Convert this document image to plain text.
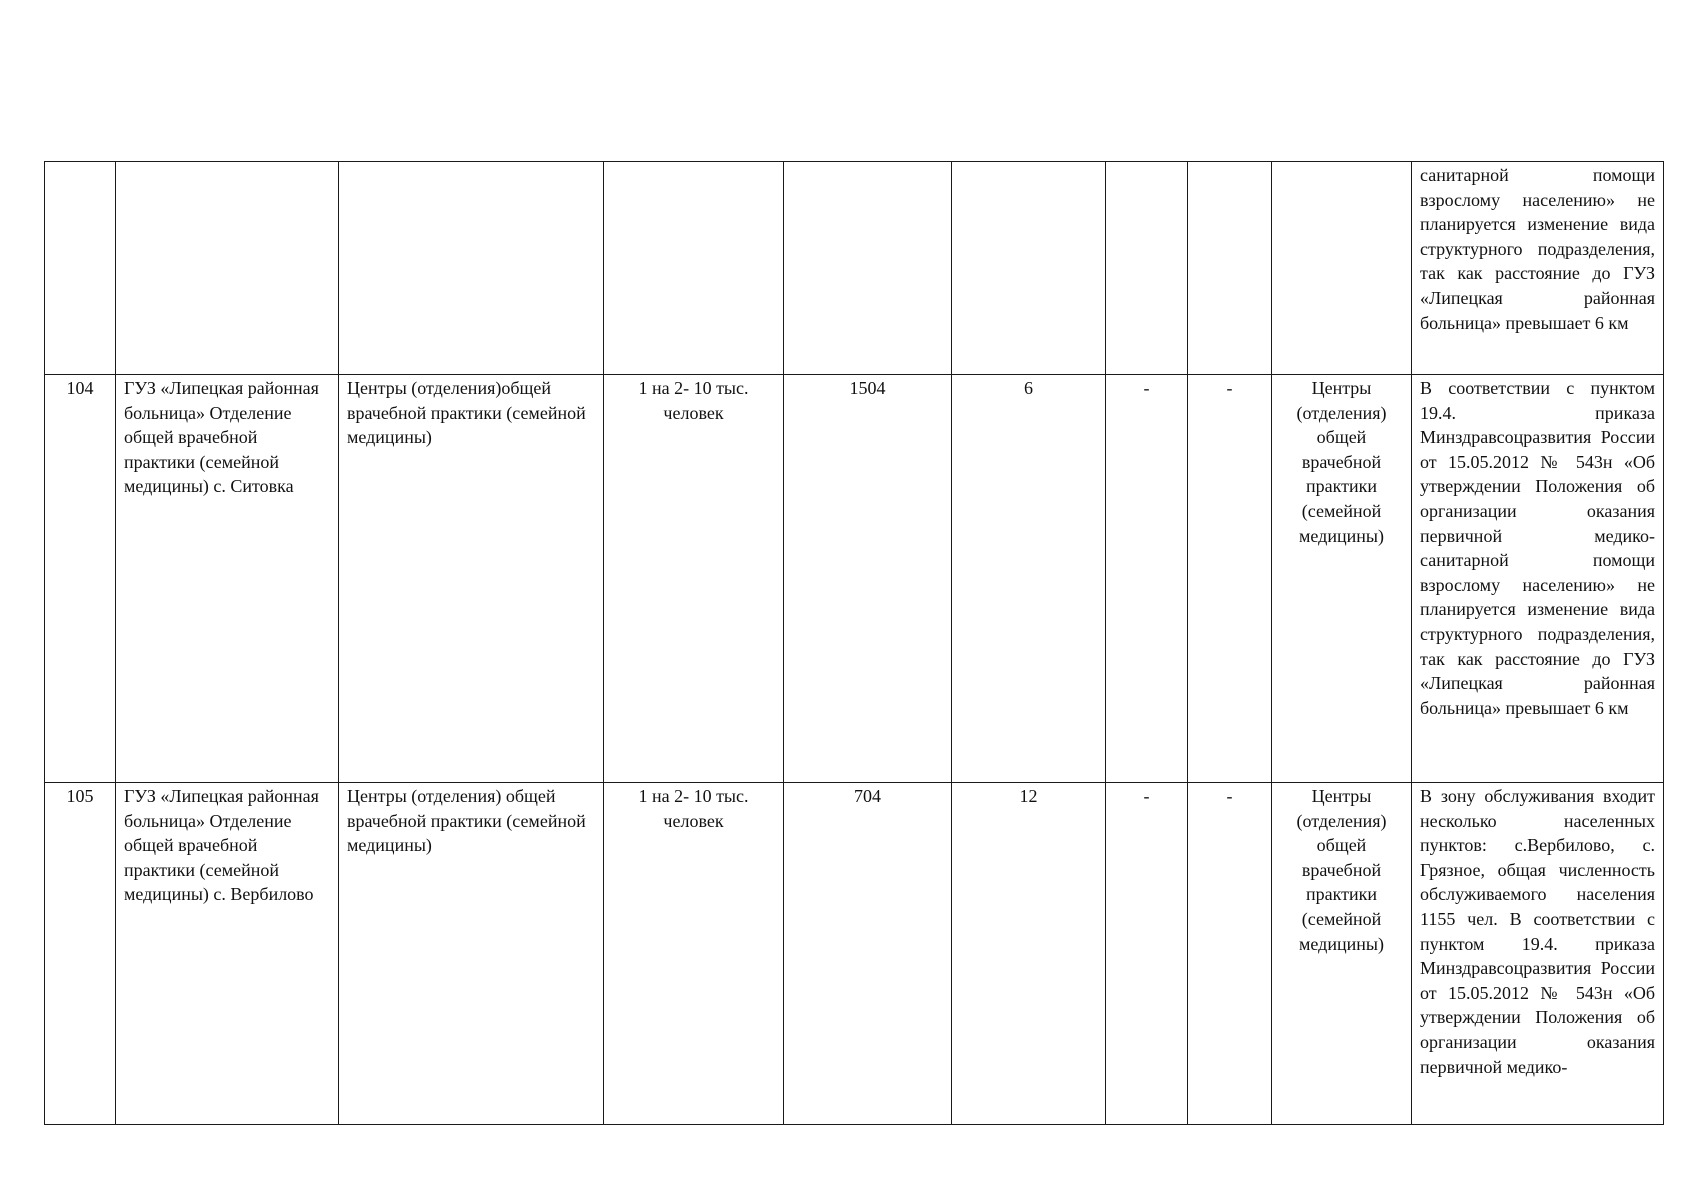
									санитарной помощи взрослому населению» не планируется изменение вида структурного подразделения, так как расстояние до ГУЗ «Липецкая районная больница» превышает 6 км

104	ГУЗ «Липецкая районная больница» Отделение общей врачебной практики (семейной медицины) с. Ситовка	Центры (отделения)общей врачебной практики (семейной медицины)	1 на 2- 10 тыс. человек	1504	6	-	-	Центры (отделения) общей врачебной практики (семейной медицины)	В соответствии с пунктом 19.4. приказа Минздравсоцразвития России от 15.05.2012 № 543н «Об утверждении Положения об организации оказания первичной медико-санитарной помощи взрослому населению» не планируется изменение вида структурного подразделения, так как расстояние до ГУЗ «Липецкая районная больница» превышает 6 км

105	ГУЗ «Липецкая районная больница» Отделение общей врачебной практики (семейной медицины) с. Вербилово	Центры (отделения) общей врачебной практики (семейной медицины)	1 на 2- 10 тыс. человек	704	12	-	-	Центры (отделения) общей врачебной практики (семейной медицины)	В зону обслуживания входит несколько населенных пунктов: с.Вербилово, с. Грязное, общая численность обслуживаемого населения 1155 чел. В соответствии с пунктом 19.4. приказа Минздравсоцразвития России от 15.05.2012 № 543н «Об утверждении Положения об организации оказания первичной медико-
